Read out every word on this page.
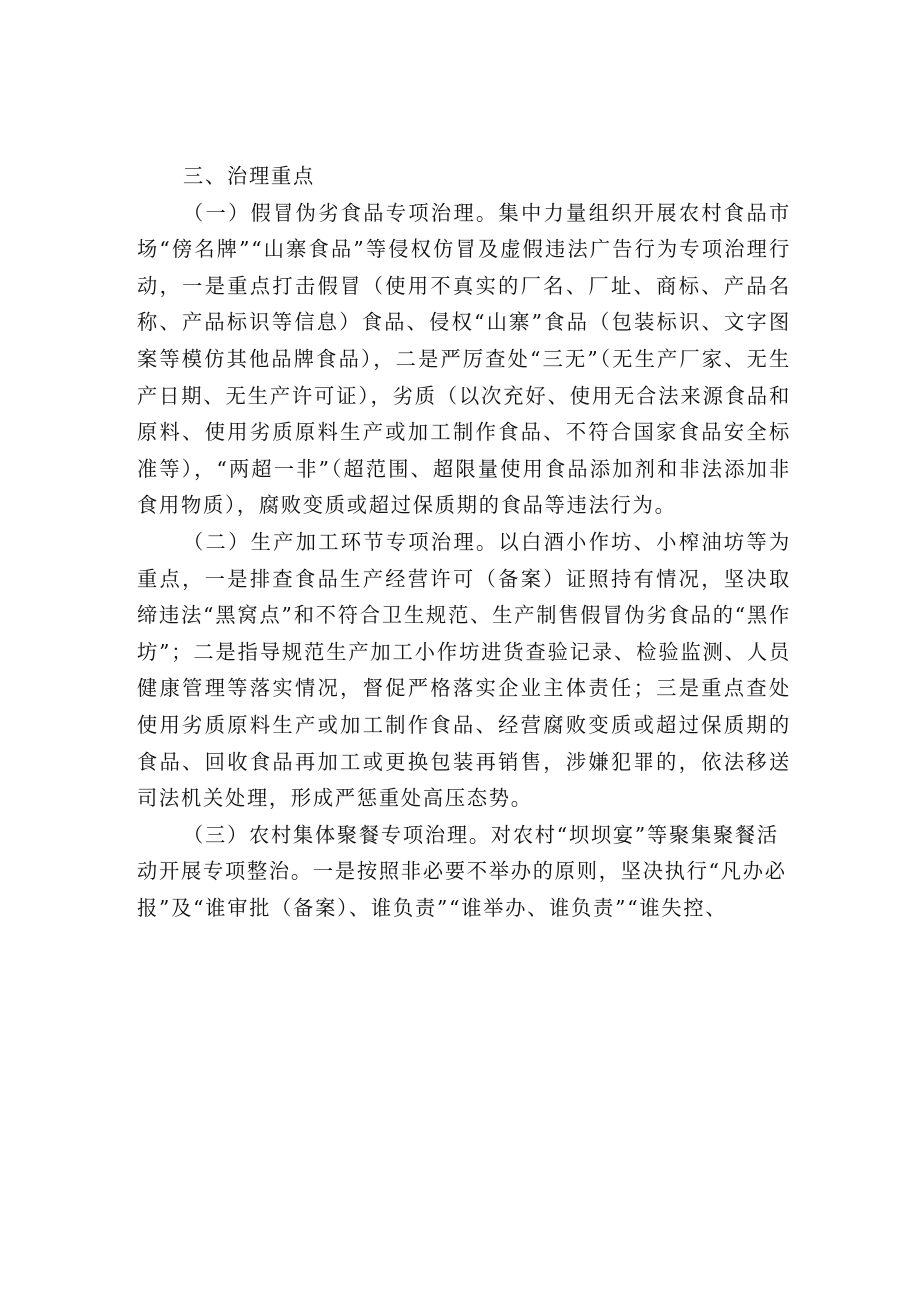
三、治理重点

（一）假冒伪劣食品专项治理。集中力量组织开展农村食品市场“傍名牌”“山寨食品”等侵权仿冒及虚假违法广告行为专项治理行动，一是重点打击假冒（使用不真实的厂名、厂址、商标、产品名称、产品标识等信息）食品、侵权“山寨”食品（包装标识、文字图案等模仿其他品牌食品），二是严厉查处“三无”（无生产厂家、无生产日期、无生产许可证），劣质（以次充好、使用无合法来源食品和原料、使用劣质原料生产或加工制作食品、不符合国家食品安全标准等），“两超一非”（超范围、超限量使用食品添加剂和非法添加非食用物质），腐败变质或超过保质期的食品等违法行为。

（二）生产加工环节专项治理。以白酒小作坊、小榨油坊等为重点，一是排查食品生产经营许可（备案）证照持有情况，坚决取缔违法“黑窝点”和不符合卫生规范、生产制售假冒伪劣食品的“黑作坊”；二是指导规范生产加工小作坊进货查验记录、检验监测、人员健康管理等落实情况，督促严格落实企业主体责任；三是重点查处使用劣质原料生产或加工制作食品、经营腐败变质或超过保质期的食品、回收食品再加工或更换包装再销售，涉嫌犯罪的，依法移送司法机关处理，形成严惩重处高压态势。

（三）农村集体聚餐专项治理。对农村“坝坝宴”等聚集聚餐活动开展专项整治。一是按照非必要不举办的原则，坚决执行“凡办必报”及“谁审批（备案）、谁负责”“谁举办、谁负责”“谁失控、
